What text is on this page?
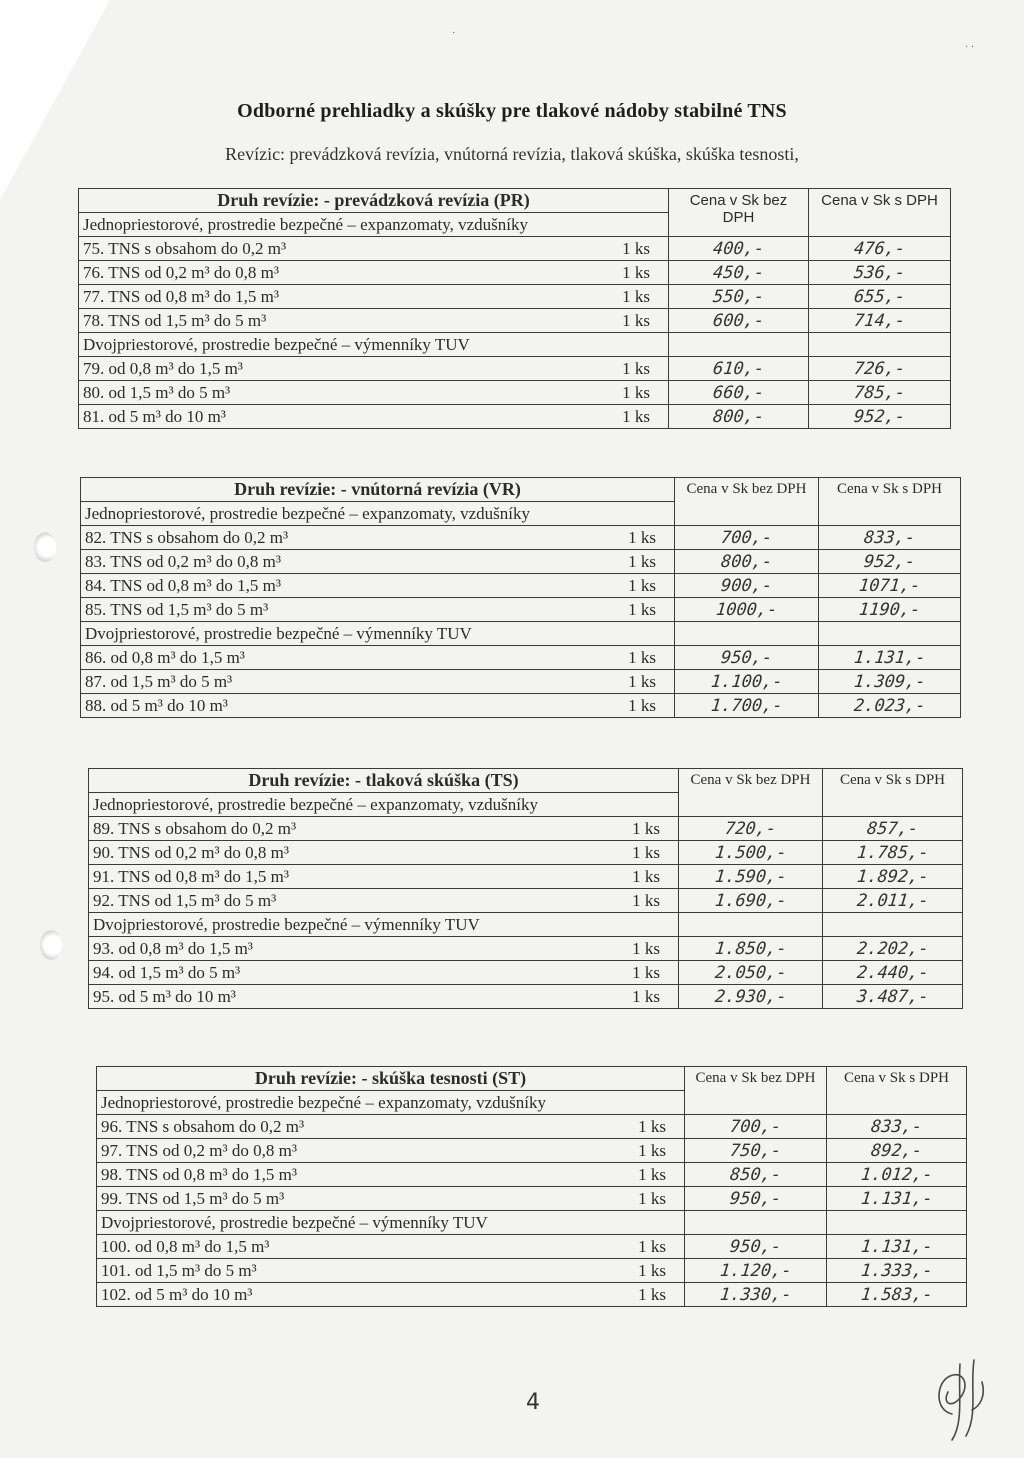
·
· ·
Odborné prehliadky a skúšky pre tlakové nádoby stabilné TNS
Revízic: prevádzková revízia, vnútorná revízia, tlaková skúška, skúška tesnosti,
Druh revízie: - prevádzková revízia (PR)	Cena v Sk bez DPH	Cena v Sk s DPH
Jednopriestorové, prostredie bezpečné – expanzomaty, vzdušníky		
75. TNS s obsahom do 0,2 m³ 1 ks	400,-	476,-
76. TNS od 0,2 m³ do 0,8 m³ 1 ks	450,-	536,-
77. TNS od 0,8 m³ do 1,5 m³ 1 ks	550,-	655,-
78. TNS od 1,5 m³ do 5 m³ 1 ks	600,-	714,-
Dvojpriestorové, prostredie bezpečné – výmenníky TUV		
79. od 0,8 m³ do 1,5 m³ 1 ks	610,-	726,-
80. od 1,5 m³ do 5 m³ 1 ks	660,-	785,-
81. od 5 m³ do 10 m³ 1 ks	800,-	952,-
Druh revízie: - vnútorná revízia (VR)	Cena v Sk bez DPH	Cena v Sk s DPH
Jednopriestorové, prostredie bezpečné – expanzomaty, vzdušníky		
82. TNS s obsahom do 0,2 m³ 1 ks	700,-	833,-
83. TNS od 0,2 m³ do 0,8 m³ 1 ks	800,-	952,-
84. TNS od 0,8 m³ do 1,5 m³ 1 ks	900,-	1071,-
85. TNS od 1,5 m³ do 5 m³ 1 ks	1000,-	1190,-
Dvojpriestorové, prostredie bezpečné – výmenníky TUV		
86. od 0,8 m³ do 1,5 m³ 1 ks	950,-	1.131,-
87. od 1,5 m³ do 5 m³ 1 ks	1.100,-	1.309,-
88. od 5 m³ do 10 m³ 1 ks	1.700,-	2.023,-
Druh revízie: - tlaková skúška (TS)	Cena v Sk bez DPH	Cena v Sk s DPH
Jednopriestorové, prostredie bezpečné – expanzomaty, vzdušníky		
89. TNS s obsahom do 0,2 m³ 1 ks	720,-	857,-
90. TNS od 0,2 m³ do 0,8 m³ 1 ks	1.500,-	1.785,-
91. TNS od 0,8 m³ do 1,5 m³ 1 ks	1.590,-	1.892,-
92. TNS od 1,5 m³ do 5 m³ 1 ks	1.690,-	2.011,-
Dvojpriestorové, prostredie bezpečné – výmenníky TUV		
93. od 0,8 m³ do 1,5 m³ 1 ks	1.850,-	2.202,-
94. od 1,5 m³ do 5 m³ 1 ks	2.050,-	2.440,-
95. od 5 m³ do 10 m³ 1 ks	2.930,-	3.487,-
Druh revízie: - skúška tesnosti (ST)	Cena v Sk bez DPH	Cena v Sk s DPH
Jednopriestorové, prostredie bezpečné – expanzomaty, vzdušníky		
96. TNS s obsahom do 0,2 m³ 1 ks	700,-	833,-
97. TNS od 0,2 m³ do 0,8 m³ 1 ks	750,-	892,-
98. TNS od 0,8 m³ do 1,5 m³ 1 ks	850,-	1.012,-
99. TNS od 1,5 m³ do 5 m³ 1 ks	950,-	1.131,-
Dvojpriestorové, prostredie bezpečné – výmenníky TUV		
100. od 0,8 m³ do 1,5 m³ 1 ks	950,-	1.131,-
101. od 1,5 m³ do 5 m³ 1 ks	1.120,-	1.333,-
102. od 5 m³ do 10 m³ 1 ks	1.330,-	1.583,-
4
